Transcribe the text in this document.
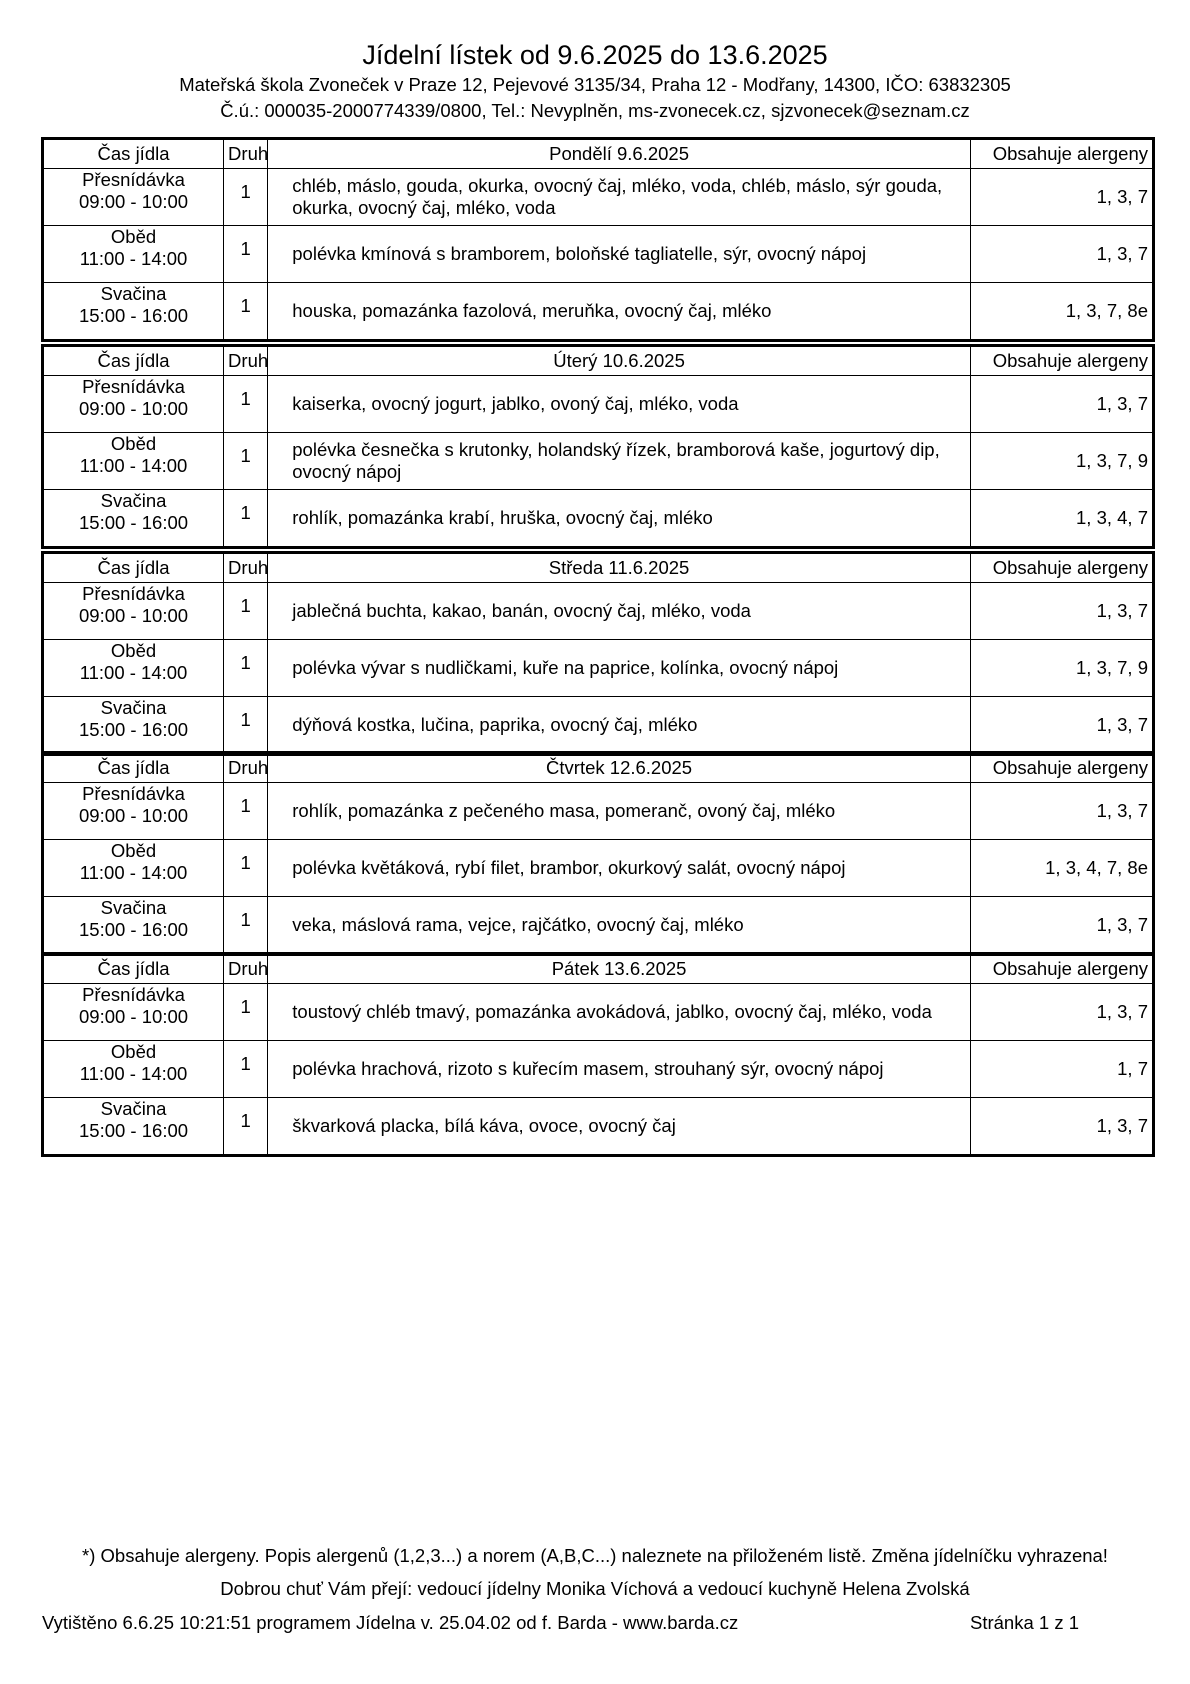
Jídelní lístek od 9.6.2025 do 13.6.2025
Mateřská škola Zvoneček v Praze 12, Pejevové 3135/34, Praha 12 - Modřany, 14300, IČO: 63832305
Č.ú.: 000035-2000774339/0800, Tel.: Nevyplněn, ms-zvonecek.cz, sjzvonecek@seznam.cz
Čas jídla	Druh	Pondělí 9.6.2025	Obsahuje alergeny

Přesnídávka
09:00 - 10:00	1	chléb, máslo, gouda, okurka, ovocný čaj, mléko, voda, chléb, máslo, sýr gouda, okurka, ovocný čaj, mléko, voda	1, 3, 7

Oběd
11:00 - 14:00	1	polévka kmínová s bramborem, boloňské tagliatelle, sýr, ovocný nápoj	1, 3, 7

Svačina
15:00 - 16:00	1	houska, pomazánka fazolová, meruňka, ovocný čaj, mléko	1, 3, 7, 8e
Čas jídla	Druh	Úterý 10.6.2025	Obsahuje alergeny

Přesnídávka
09:00 - 10:00	1	kaiserka, ovocný jogurt, jablko, ovoný čaj, mléko, voda	1, 3, 7

Oběd
11:00 - 14:00	1	polévka česnečka s krutonky, holandský řízek, bramborová kaše, jogurtový dip, ovocný nápoj	1, 3, 7, 9

Svačina
15:00 - 16:00	1	rohlík, pomazánka krabí, hruška, ovocný čaj, mléko	1, 3, 4, 7
Čas jídla	Druh	Středa 11.6.2025	Obsahuje alergeny

Přesnídávka
09:00 - 10:00	1	jablečná buchta, kakao, banán, ovocný čaj, mléko, voda	1, 3, 7

Oběd
11:00 - 14:00	1	polévka vývar s nudličkami, kuře na paprice, kolínka, ovocný nápoj	1, 3, 7, 9

Svačina
15:00 - 16:00	1	dýňová kostka, lučina, paprika, ovocný čaj, mléko	1, 3, 7
Čas jídla	Druh	Čtvrtek 12.6.2025	Obsahuje alergeny

Přesnídávka
09:00 - 10:00	1	rohlík, pomazánka z pečeného masa, pomeranč, ovoný čaj, mléko	1, 3, 7

Oběd
11:00 - 14:00	1	polévka květáková, rybí filet, brambor, okurkový salát, ovocný nápoj	1, 3, 4, 7, 8e

Svačina
15:00 - 16:00	1	veka, máslová rama, vejce, rajčátko, ovocný čaj, mléko	1, 3, 7
Čas jídla	Druh	Pátek 13.6.2025	Obsahuje alergeny

Přesnídávka
09:00 - 10:00	1	toustový chléb tmavý, pomazánka avokádová, jablko, ovocný čaj, mléko, voda	1, 3, 7

Oběd
11:00 - 14:00	1	polévka hrachová, rizoto s kuřecím masem, strouhaný sýr, ovocný nápoj	1, 7

Svačina
15:00 - 16:00	1	škvarková placka, bílá káva, ovoce, ovocný čaj	1, 3, 7
*) Obsahuje alergeny. Popis alergenů (1,2,3...) a norem (A,B,C...) naleznete na přiloženém listě. Změna jídelníčku vyhrazena!
Dobrou chuť Vám přejí: vedoucí jídelny Monika Víchová a vedoucí kuchyně Helena Zvolská
Vytištěno 6.6.25 10:21:51 programem Jídelna v. 25.04.02 od f. Barda - www.barda.cz	Stránka 1 z 1
